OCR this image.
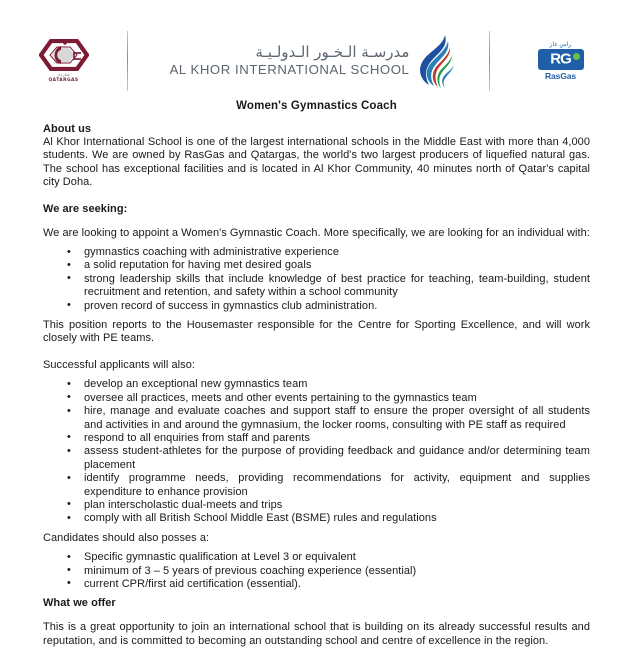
قطرغاز
QATARGAS
مدرسـة الـخـور الـدولـيـة
AL KHOR INTERNATIONAL SCHOOL
راس غاز
RG
RasGas
Women's Gymnastics Coach
About us

Al Khor International School is one of the largest international schools in the Middle East with more than 4,000 students. We are owned by RasGas and Qatargas, the world's two largest producers of liquefied natural gas. The school has exceptional facilities and is located in Al Khor Community, 40 minutes north of Qatar's capital city Doha.

We are seeking:

We are looking to appoint a Women's Gymnastic Coach. More specifically, we are looking for an individual with:

• gymnastics coaching with administrative experience
• a solid reputation for having met desired goals
• strong leadership skills that include knowledge of best practice for teaching, team-building, student recruitment and retention, and safety within a school community
• proven record of success in gymnastics club administration.

This position reports to the Housemaster responsible for the Centre for Sporting Excellence, and will work closely with PE teams.

Successful applicants will also:

• develop an exceptional new gymnastics team
• oversee all practices, meets and other events pertaining to the gymnastics team
• hire, manage and evaluate coaches and support staff to ensure the proper oversight of all students and activities in and around the gymnasium, the locker rooms, consulting with PE staff as required
• respond to all enquiries from staff and parents
• assess student-athletes for the purpose of providing feedback and guidance and/or determining team placement
• identify programme needs, providing recommendations for activity, equipment and supplies expenditure to enhance provision
• plan interscholastic dual-meets and trips
• comply with all British School Middle East (BSME) rules and regulations

Candidates should also posses a:

• Specific gymnastic qualification at Level 3 or equivalent
• minimum of 3 – 5 years of previous coaching experience (essential)
• current CPR/first aid certification (essential).
What we offer

This is a great opportunity to join an international school that is building on its already successful results and reputation, and is committed to becoming an outstanding school and centre of excellence in the region.
